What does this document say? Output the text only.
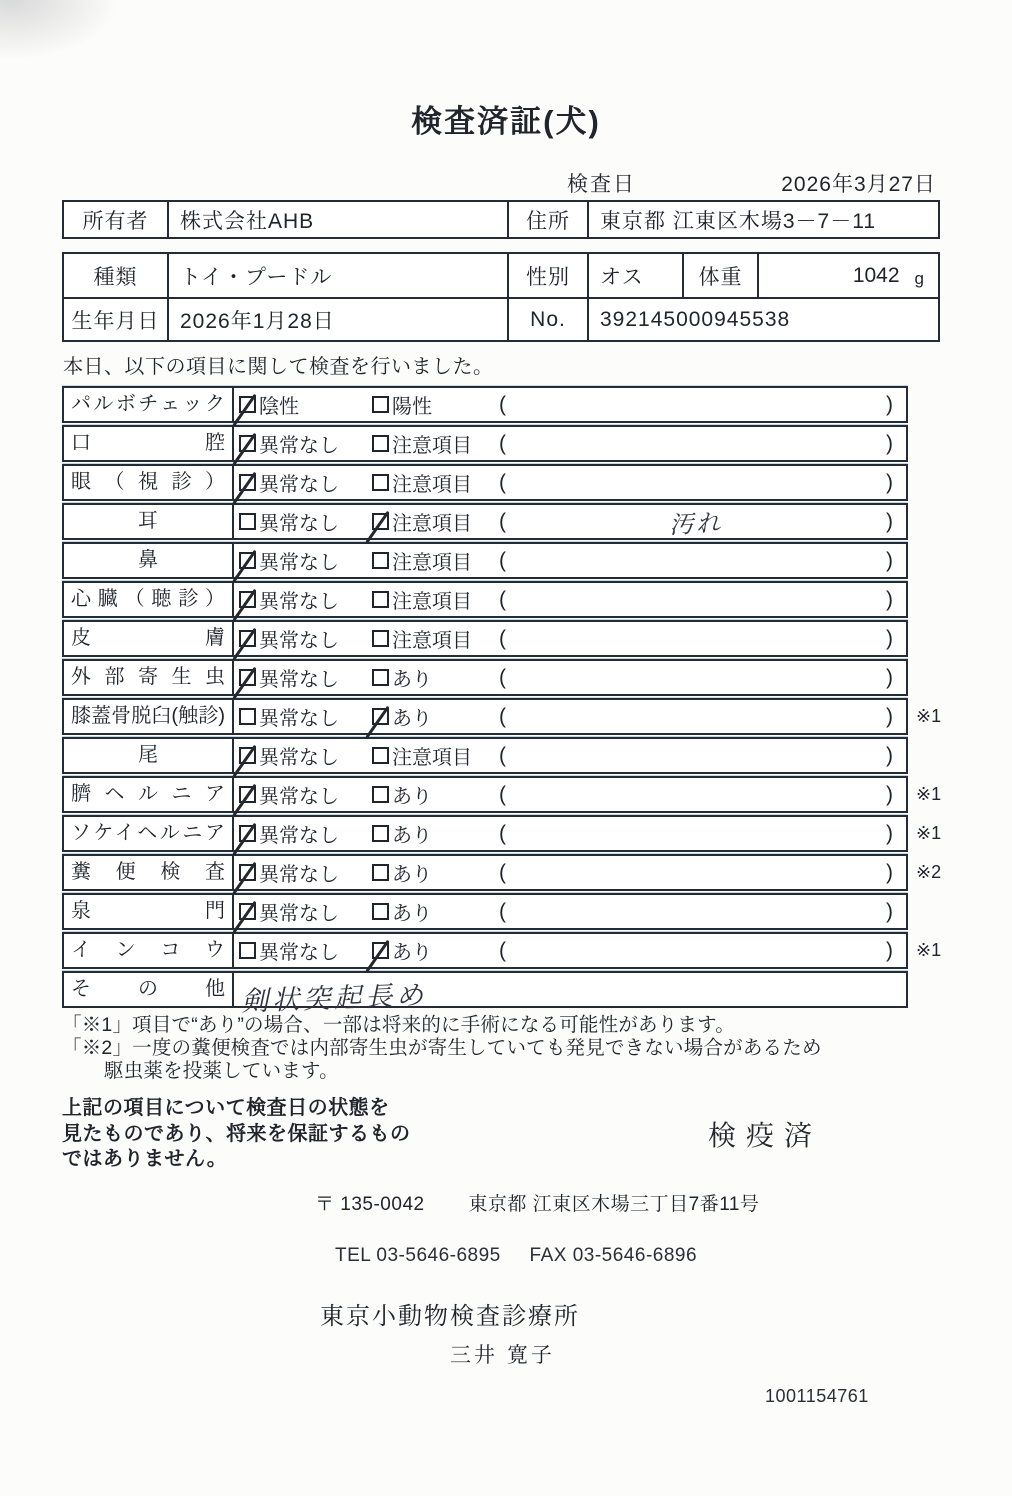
検査済証(犬)
検査日	2026年3月27日
所有者	株式会社AHB	住所	東京都 江東区木場3－7－11
種類	トイ・プードル	性別	オス	体重	1042 g
生年月日 2026年1月28日	No.	392145000945538

本日、以下の項目に関して検査を行いました。

パルボチェック	陰性	陽性	(	)
口腔	異常なし	注意項目 (	)
眼（視診）	異常なし	注意項目 (	)
耳	異常なし	注意項目 (	汚れ	)
鼻	異常なし	注意項目 (	)
心臓（聴診）	異常なし	注意項目 (	)
皮膚	異常なし	注意項目 (	)
外部寄生虫	異常なし	あり	(	)
膝蓋骨脱臼(触診)	異常なし	あり	(	)	※1
尾	異常なし	注意項目 (	)
臍ヘルニア	異常なし	あり	(	)	※1
ソケイヘルニア	異常なし	あり	(	)	※1
糞便検査	異常なし	あり	(	)	※2
泉門	異常なし	あり	(	)
インコウ	異常なし	あり	(	)	※1
その他 剣状突起長め
「※1」項目で“あり”の場合、一部は将来的に手術になる可能性があります。
「※2」一度の糞便検査では内部寄生虫が寄生していても発見できない場合があるため
駆虫薬を投薬しています。
上記の項目について検査日の状態を
見たものであり、将来を保証するもの
ではありません。
検疫済
〒 135-0042 東京都 江東区木場三丁目7番11号
TEL 03-5646-6895 FAX 03-5646-6896
東京小動物検査診療所
三井 寛子
1001154761
